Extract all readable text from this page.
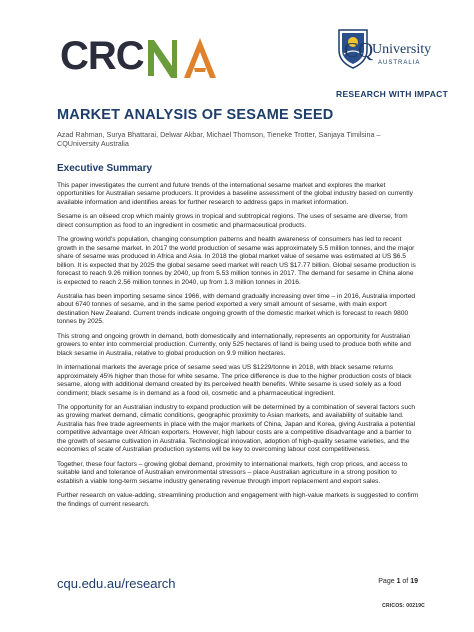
CRC	CQ
University
AUSTRALIA
RESEARCH WITH IMPACT
MARKET ANALYSIS OF SESAME SEED

Azad Rahman, Surya Bhattarai, Delwar Akbar, Michael Thomson, Tieneke Trotter, Sanjaya Timilsina – CQUniversity Australia

Executive Summary

This paper investigates the current and future trends of the international sesame market and explores the market opportunities for Australian sesame producers. It provides a baseline assessment of the global industry based on currently available information and identifies areas for further research to address gaps in market information.

Sesame is an oilseed crop which mainly grows in tropical and subtropical regions. The uses of sesame are diverse, from direct consumption as food to an ingredient in cosmetic and pharmaceutical products.

The growing world’s population, changing consumption patterns and health awareness of consumers has led to recent growth in the sesame market. In 2017 the world production of sesame was approximately 5.5 million tonnes, and the major share of sesame was produced in Africa and Asia. In 2018 the global market value of sesame was estimated at US $6.5 billion. It is expected that by 2025 the global sesame seed market will reach US $17.77 billion. Global sesame production is forecast to reach 9.26 million tonnes by 2040, up from 5.53 million tonnes in 2017. The demand for sesame in China alone is expected to reach 2.56 million tonnes in 2040, up from 1.3 million tonnes in 2016.

Australia has been importing sesame since 1966, with demand gradually increasing over time – in 2016, Australia imported about 6740 tonnes of sesame, and in the same period exported a very small amount of sesame, with main export destination New Zealand. Current trends indicate ongoing growth of the domestic market which is forecast to reach 9800 tonnes by 2025.

This strong and ongoing growth in demand, both domestically and internationally, represents an opportunity for Australian growers to enter into commercial production. Currently, only 525 hectares of land is being used to produce both white and black sesame in Australia, relative to global production on 9.9 million hectares.

In international markets the average price of sesame seed was US $1229/tonne in 2018, with black sesame returns approximately 45% higher than those for white sesame. The price difference is due to the higher production costs of black sesame, along with additional demand created by its perceived health benefits. White sesame is used solely as a food condiment; black sesame is in demand as a food oil, cosmetic and a pharmaceutical ingredient.

The opportunity for an Australian industry to expand production will be determined by a combination of several factors such as growing market demand, climatic conditions, geographic proximity to Asian markets, and availability of suitable land. Australia has free trade agreements in place with the major markets of China, Japan and Korea, giving Australia a potential competitive advantage over African exporters. However, high labour costs are a competitive disadvantage and a barrier to the growth of sesame cultivation in Australia. Technological innovation, adoption of high-quality sesame varieties, and the economies of scale of Australian production systems will be key to overcoming labour cost competitiveness.

Together, these four factors – growing global demand, proximity to international markets, high crop prices, and access to suitable land and tolerance of Australian environmental stressors – place Australian agriculture in a strong position to establish a viable long-term sesame industry generating revenue through import replacement and export sales.

Further research on value-adding, streamlining production and engagement with high-value markets is suggested to confirm the findings of current research.

cqu.edu.au/research	Page 1 of 19
CRICOS: 00219C
